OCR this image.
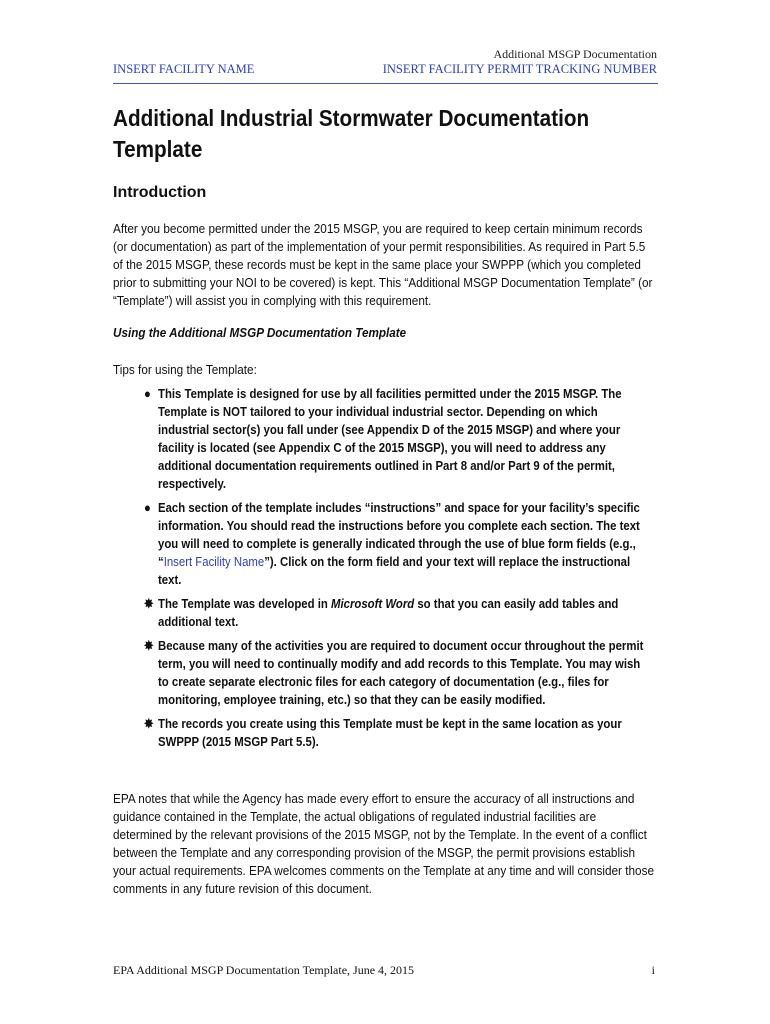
Additional MSGP Documentation
INSERT FACILITY NAME	INSERT FACILITY PERMIT TRACKING NUMBER
Additional Industrial Stormwater Documentation Template
Introduction
After you become permitted under the 2015 MSGP, you are required to keep certain minimum records (or documentation) as part of the implementation of your permit responsibilities. As required in Part 5.5 of the 2015 MSGP, these records must be kept in the same place your SWPPP (which you completed prior to submitting your NOI to be covered) is kept. This “Additional MSGP Documentation Template” (or “Template”) will assist you in complying with this requirement.
Using the Additional MSGP Documentation Template
Tips for using the Template:
● This Template is designed for use by all facilities permitted under the 2015 MSGP. The Template is NOT tailored to your individual industrial sector. Depending on which industrial sector(s) you fall under (see Appendix D of the 2015 MSGP) and where your facility is located (see Appendix C of the 2015 MSGP), you will need to address any additional documentation requirements outlined in Part 8 and/or Part 9 of the permit, respectively.
● Each section of the template includes “instructions” and space for your facility’s specific information. You should read the instructions before you complete each section. The text you will need to complete is generally indicated through the use of blue form fields (e.g., “Insert Facility Name”). Click on the form field and your text will replace the instructional text.
✸ The Template was developed in Microsoft Word so that you can easily add tables and additional text.
✸ Because many of the activities you are required to document occur throughout the permit term, you will need to continually modify and add records to this Template. You may wish to create separate electronic files for each category of documentation (e.g., files for monitoring, employee training, etc.) so that they can be easily modified.
✸ The records you create using this Template must be kept in the same location as your SWPPP (2015 MSGP Part 5.5).
EPA notes that while the Agency has made every effort to ensure the accuracy of all instructions and guidance contained in the Template, the actual obligations of regulated industrial facilities are determined by the relevant provisions of the 2015 MSGP, not by the Template. In the event of a conflict between the Template and any corresponding provision of the MSGP, the permit provisions establish your actual requirements. EPA welcomes comments on the Template at any time and will consider those comments in any future revision of this document.
EPA Additional MSGP Documentation Template, June 4, 2015	i
